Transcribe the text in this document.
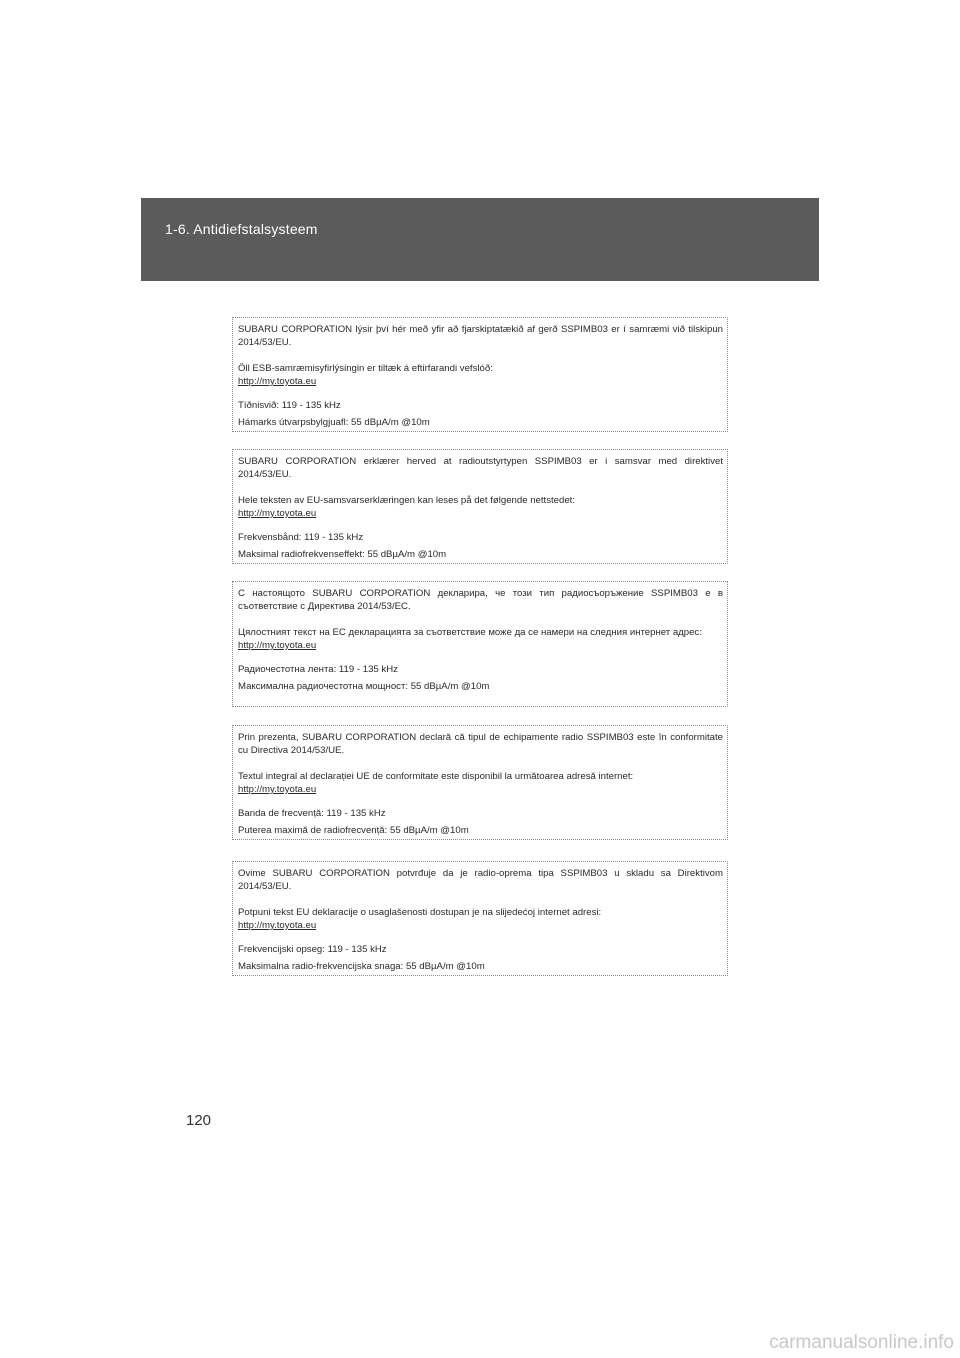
1-6. Antidiefstalsysteem

SUBARU CORPORATION lýsir því hér með yfir að fjarskiptatækið af gerð SSPIMB03 er í samræmi við tilskipun 2014/53/EU.

Öll ESB-samræmisyfirlýsingin er tiltæk á eftirfarandi vefslóð:

http://my.toyota.eu

Tíðnisvið: 119 - 135 kHz

Hámarks útvarpsbylgjuafl: 55 dBµA/m @10m

SUBARU CORPORATION erklærer herved at radioutstyrtypen SSPIMB03 er i samsvar med direktivet 2014/53/EU.

Hele teksten av EU-samsvarserklæringen kan leses på det følgende nettstedet:

http://my.toyota.eu

Frekvensbånd: 119 - 135 kHz

Maksimal radiofrekvenseffekt: 55 dBµA/m @10m

С настоящото SUBARU CORPORATION декларира, че този тип радиосъоръжение SSPIMB03 е в съответствие с Директива 2014/53/ЕС.

Цялостният текст на ЕС декларацията за съответствие може да се намери на следния интернет адрес:

http://my.toyota.eu

Радиочестотна лента: 119 - 135 kHz

Максимална радиочестотна мощност: 55 dBµA/m @10m

Prin prezenta, SUBARU CORPORATION declară că tipul de echipamente radio SSPIMB03 este în conformitate cu Directiva 2014/53/UE.

Textul integral al declarației UE de conformitate este disponibil la următoarea adresă internet:

http://my.toyota.eu

Banda de frecvență: 119 - 135 kHz

Puterea maximă de radiofrecvență: 55 dBµA/m @10m

Ovime SUBARU CORPORATION potvrđuje da je radio-oprema tipa SSPIMB03 u skladu sa Direktivom 2014/53/EU.

Potpuni tekst EU deklaracije o usaglašenosti dostupan je na slijedećoj internet adresi:

http://my.toyota.eu

Frekvencijski opseg: 119 - 135 kHz

Maksimalna radio-frekvencijska snaga: 55 dBµA/m @10m

120
carmanualsonline.info
